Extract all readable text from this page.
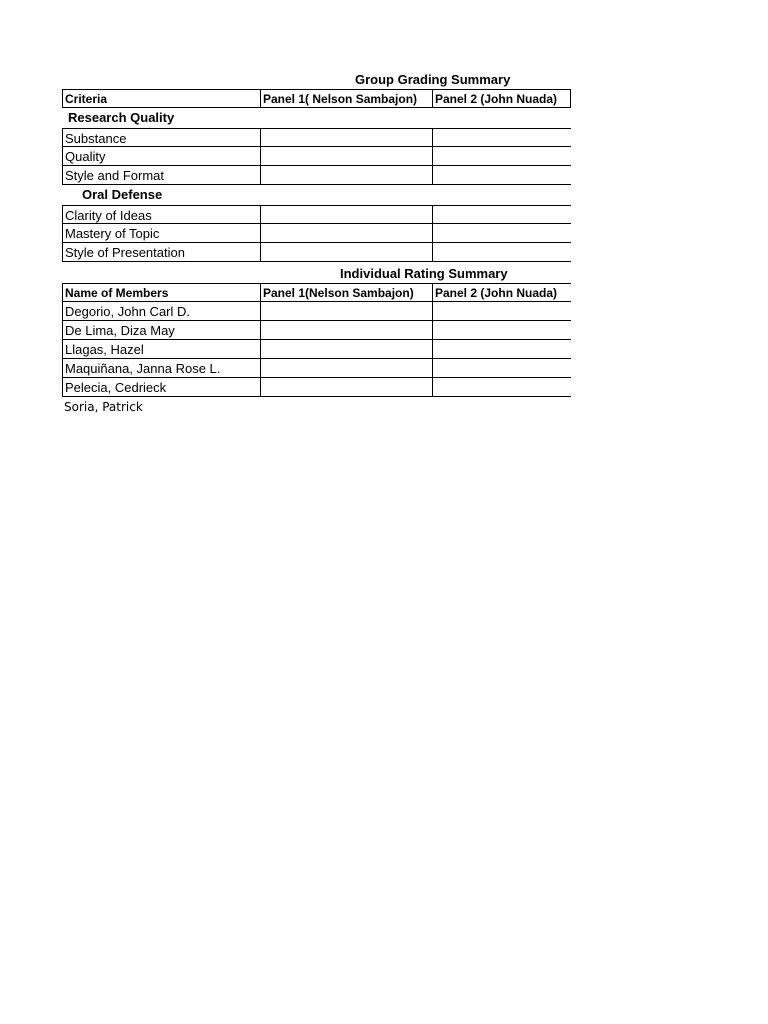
Group Grading Summary
Criteria	Panel 1( Nelson Sambajon)	Panel 2 (John Nuada)
Research Quality
Substance
Quality
Style and Format
Oral Defense
Clarity of Ideas
Mastery of Topic
Style of Presentation
Individual Rating Summary
Name of Members	Panel 1(Nelson Sambajon)	Panel 2 (John Nuada)
Degorio, John Carl D.
De Lima, Diza May
Llagas, Hazel
Maquiñana, Janna Rose L.
Pelecia, Cedrieck
Soria, Patrick
